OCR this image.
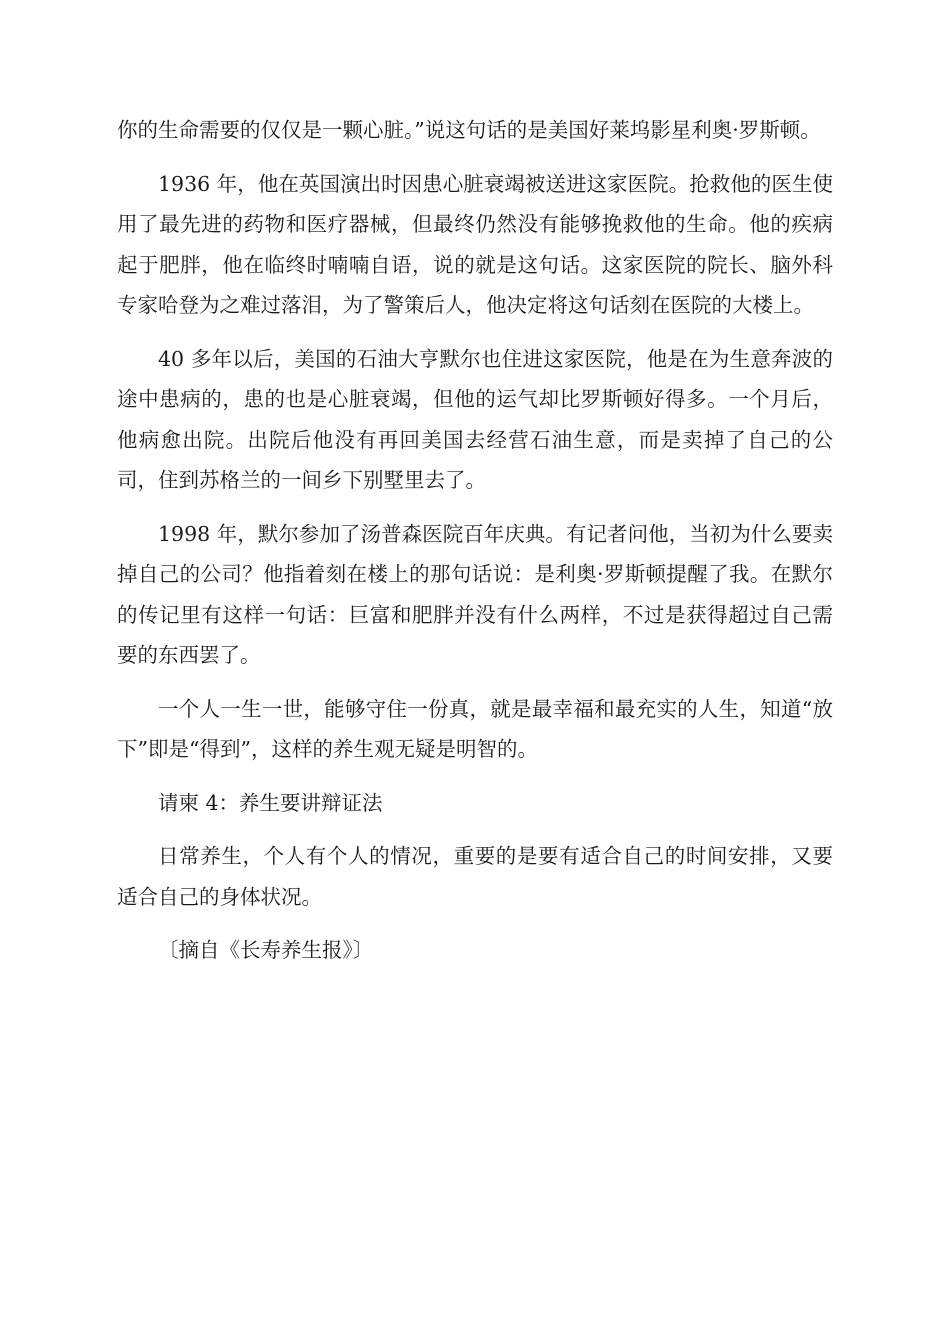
你的生命需要的仅仅是一颗心脏。”说这句话的是美国好莱坞影星利奥·罗斯顿。

1936 年，他在英国演出时因患心脏衰竭被送进这家医院。抢救他的医生使用了最先进的药物和医疗器械，但最终仍然没有能够挽救他的生命。他的疾病起于肥胖，他在临终时喃喃自语，说的就是这句话。这家医院的院长、脑外科专家哈登为之难过落泪，为了警策后人，他决定将这句话刻在医院的大楼上。

40 多年以后，美国的石油大亨默尔也住进这家医院，他是在为生意奔波的途中患病的，患的也是心脏衰竭，但他的运气却比罗斯顿好得多。一个月后，他病愈出院。出院后他没有再回美国去经营石油生意，而是卖掉了自己的公司，住到苏格兰的一间乡下别墅里去了。

1998 年，默尔参加了汤普森医院百年庆典。有记者问他，当初为什么要卖掉自己的公司？他指着刻在楼上的那句话说：是利奥·罗斯顿提醒了我。在默尔的传记里有这样一句话：巨富和肥胖并没有什么两样，不过是获得超过自己需要的东西罢了。

一个人一生一世，能够守住一份真，就是最幸福和最充实的人生，知道“放下”即是“得到”，这样的养生观无疑是明智的。

请柬 4：养生要讲辩证法

日常养生，个人有个人的情况，重要的是要有适合自己的时间安排，又要适合自己的身体状况。

〔摘自《长寿养生报》〕
